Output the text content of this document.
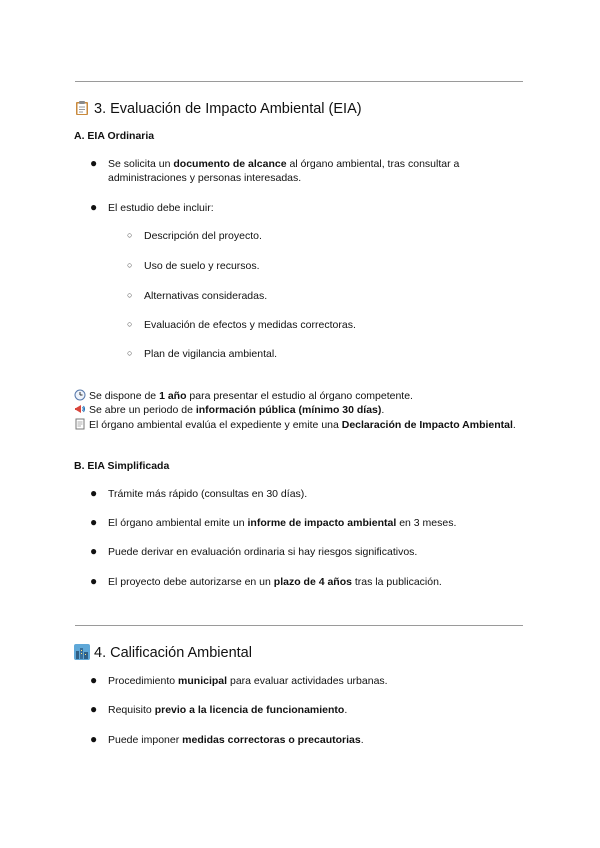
3. Evaluación de Impacto Ambiental (EIA)
A. EIA Ordinaria
● Se solicita un documento de alcance al órgano ambiental, tras consultar a administraciones y personas interesadas.
● El estudio debe incluir:
○ Descripción del proyecto.
○ Uso de suelo y recursos.
○ Alternativas consideradas.
○ Evaluación de efectos y medidas correctoras.
○ Plan de vigilancia ambiental.
Se dispone de 1 año para presentar el estudio al órgano competente.
Se abre un periodo de información pública (mínimo 30 días).
El órgano ambiental evalúa el expediente y emite una Declaración de Impacto Ambiental.
B. EIA Simplificada
● Trámite más rápido (consultas en 30 días).
● El órgano ambiental emite un informe de impacto ambiental en 3 meses.
● Puede derivar en evaluación ordinaria si hay riesgos significativos.
● El proyecto debe autorizarse en un plazo de 4 años tras la publicación.
4. Calificación Ambiental
● Procedimiento municipal para evaluar actividades urbanas.
● Requisito previo a la licencia de funcionamiento.
● Puede imponer medidas correctoras o precautorias.
